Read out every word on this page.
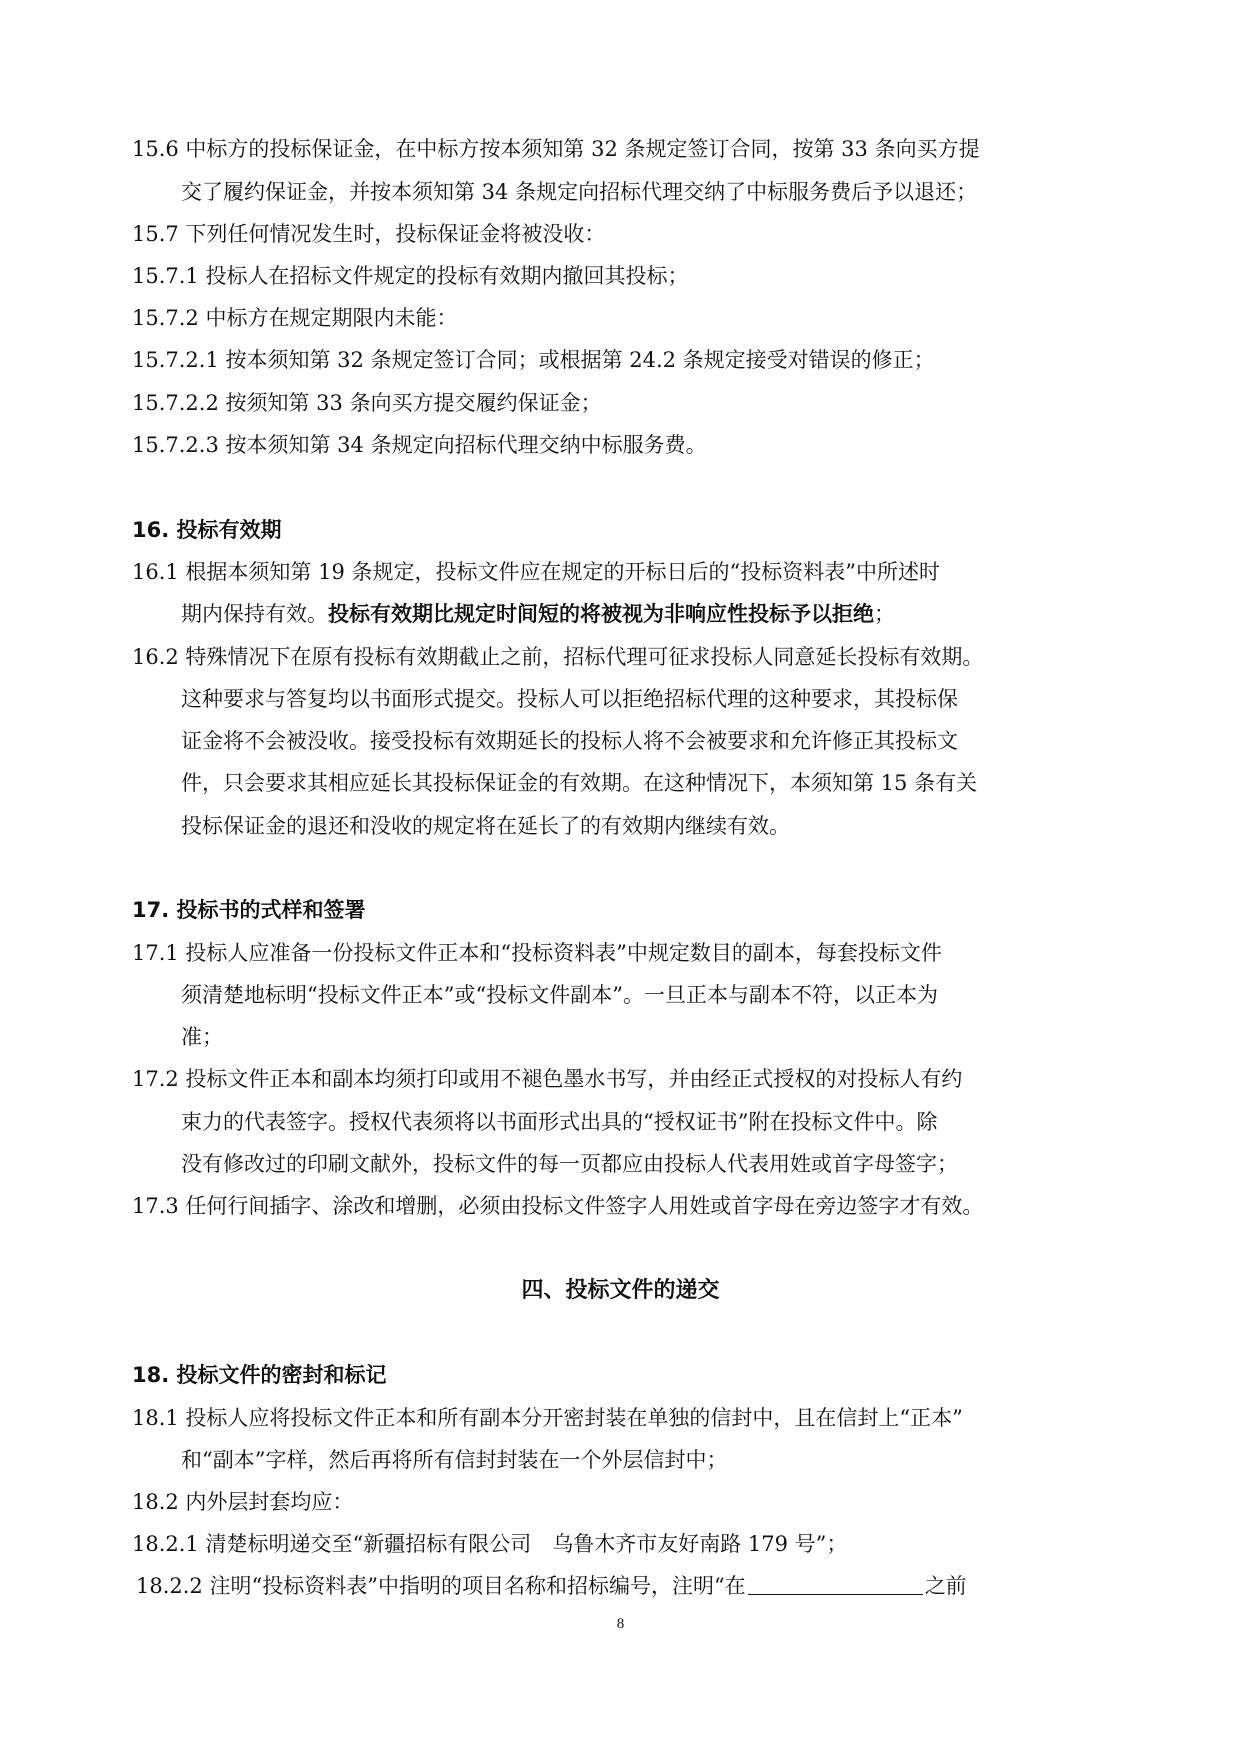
15.6 中标方的投标保证金，在中标方按本须知第 32 条规定签订合同，按第 33 条向买方提
交了履约保证金，并按本须知第 34 条规定向招标代理交纳了中标服务费后予以退还；
15.7 下列任何情况发生时，投标保证金将被没收：
15.7.1 投标人在招标文件规定的投标有效期内撤回其投标；
15.7.2 中标方在规定期限内未能：
15.7.2.1 按本须知第 32 条规定签订合同；或根据第 24.2 条规定接受对错误的修正；
15.7.2.2 按须知第 33 条向买方提交履约保证金；
15.7.2.3 按本须知第 34 条规定向招标代理交纳中标服务费。
16. 投标有效期
16.1 根据本须知第 19 条规定，投标文件应在规定的开标日后的“投标资料表”中所述时
期内保持有效。投标有效期比规定时间短的将被视为非响应性投标予以拒绝；
16.2 特殊情况下在原有投标有效期截止之前，招标代理可征求投标人同意延长投标有效期。
这种要求与答复均以书面形式提交。投标人可以拒绝招标代理的这种要求，其投标保
证金将不会被没收。接受投标有效期延长的投标人将不会被要求和允许修正其投标文
件，只会要求其相应延长其投标保证金的有效期。在这种情况下，本须知第 15 条有关
投标保证金的退还和没收的规定将在延长了的有效期内继续有效。
17. 投标书的式样和签署
17.1 投标人应准备一份投标文件正本和“投标资料表”中规定数目的副本，每套投标文件
须清楚地标明“投标文件正本”或“投标文件副本”。一旦正本与副本不符，以正本为
准；
17.2 投标文件正本和副本均须打印或用不褪色墨水书写，并由经正式授权的对投标人有约
束力的代表签字。授权代表须将以书面形式出具的“授权证书”附在投标文件中。除
没有修改过的印刷文献外，投标文件的每一页都应由投标人代表用姓或首字母签字；
17.3 任何行间插字、涂改和增删，必须由投标文件签字人用姓或首字母在旁边签字才有效。
四、投标文件的递交
18. 投标文件的密封和标记
18.1 投标人应将投标文件正本和所有副本分开密封装在单独的信封中，且在信封上“正本”
和“副本”字样，然后再将所有信封封装在一个外层信封中；
18.2 内外层封套均应：
18.2.1 清楚标明递交至“新疆招标有限公司　乌鲁木齐市友好南路 179 号”；
18.2.2 注明“投标资料表”中指明的项目名称和招标编号，注明“在	之前
8
